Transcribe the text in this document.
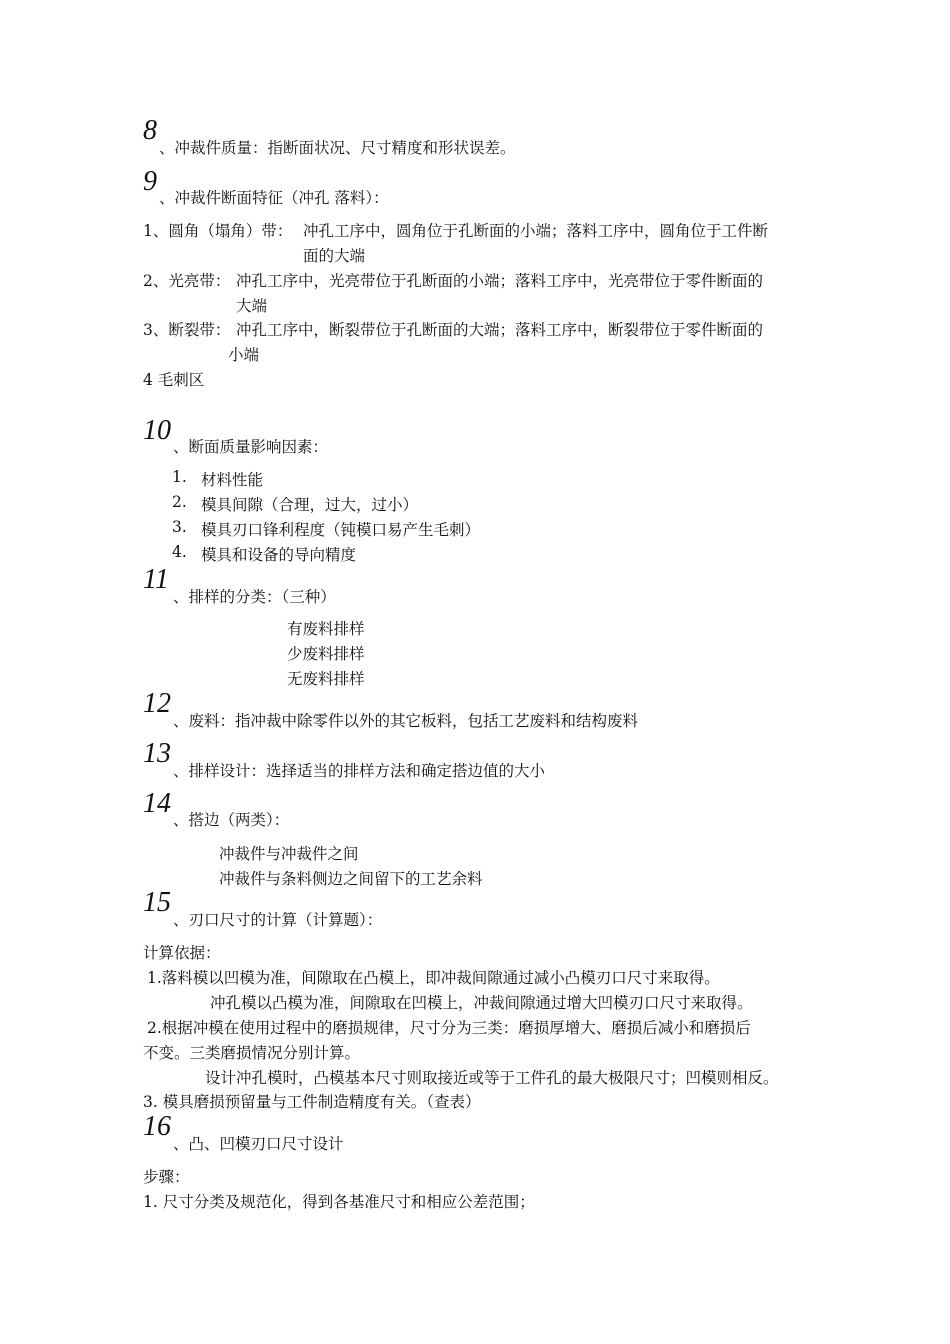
8
、冲裁件质量：指断面状况、尺寸精度和形状误差。
9
、冲裁件断面特征（冲孔 落料）：
1、圆角（塌角）带： 冲孔工序中，圆角位于孔断面的小端；落料工序中，圆角位于工件断
面的大端
2、光亮带： 冲孔工序中，光亮带位于孔断面的小端；落料工序中，光亮带位于零件断面的
大端
3、断裂带： 冲孔工序中，断裂带位于孔断面的大端；落料工序中，断裂带位于零件断面的
小端
4 毛刺区
10
、断面质量影响因素：
1. 材料性能
2. 模具间隙（合理，过大，过小）
3. 模具刃口锋利程度（钝模口易产生毛刺）
4. 模具和设备的导向精度
11
、排样的分类：（三种）
有废料排样
少废料排样
无废料排样
12
、废料：指冲裁中除零件以外的其它板料，包括工艺废料和结构废料
13
、排样设计：选择适当的排样方法和确定搭边值的大小
14
、搭边（两类）：
冲裁件与冲裁件之间
冲裁件与条料侧边之间留下的工艺余料
15
、刃口尺寸的计算（计算题）：
计算依据：
1.落料模以凹模为准，间隙取在凸模上，即冲裁间隙通过减小凸模刃口尺寸来取得。
冲孔模以凸模为准，间隙取在凹模上，冲裁间隙通过增大凹模刃口尺寸来取得。
2.根据冲模在使用过程中的磨损规律，尺寸分为三类：磨损厚增大、磨损后减小和磨损后
不变。三类磨损情况分别计算。
设计冲孔模时，凸模基本尺寸则取接近或等于工件孔的最大极限尺寸；凹模则相反。
3. 模具磨损预留量与工件制造精度有关。（查表）
16
、凸、凹模刃口尺寸设计
步骤：
1. 尺寸分类及规范化，得到各基准尺寸和相应公差范围；
